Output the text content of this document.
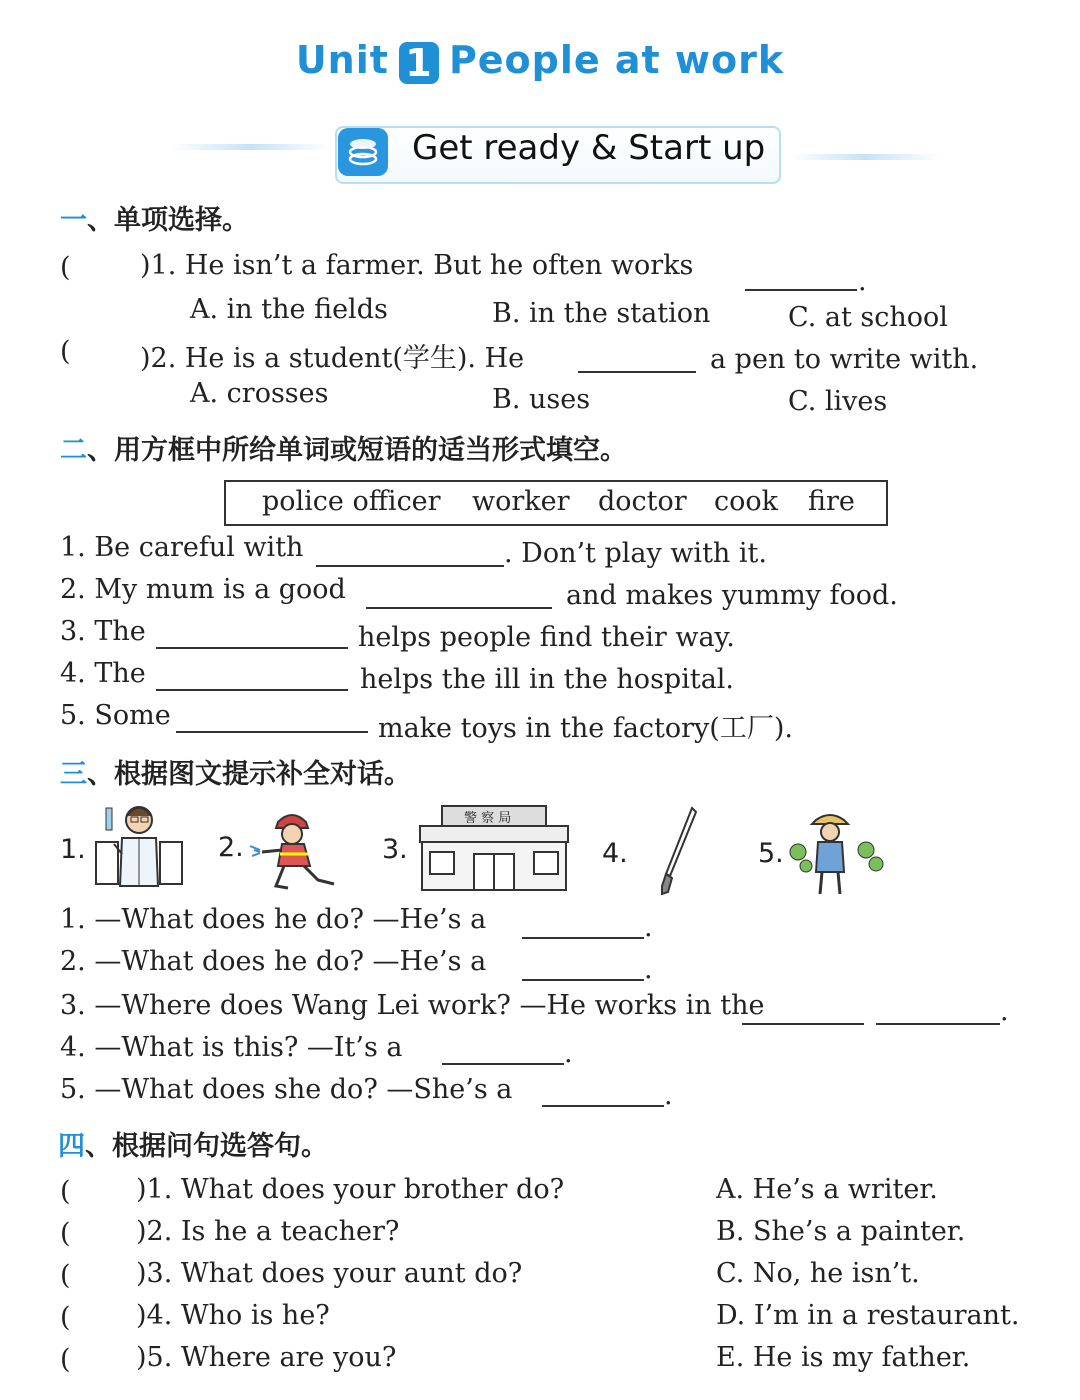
Unit 1 People at work
Get ready & Start up
一、单项选择。
(	)1. He isn’t a farmer. But he often works
.
A. in the fields	B. in the station	C. at school
(	)2. He is a student(学生). He	a pen to write with.
A. crosses	B. uses	C. lives
二、用方框中所给单词或短语的适当形式填空。
police officer worker doctor cook fire
1. Be careful with	. Don’t play with it.
2. My mum is a good	and makes yummy food.
3. The	helps people find their way.
4. The	helps the ill in the hospital.
5. Some	make toys in the factory(工厂).
三、根据图文提示补全对话。
1.	2.	3.
警 察 局
4.	5.
1. —What does he do? —He’s a	.
2. —What does he do? —He’s a	.
3. —Where does Wang Lei work? —He works in the	.
4. —What is this? —It’s a	.
5. —What does she do? —She’s a	.
四、根据问句选答句。
( )1. What does your brother do?	A. He’s a writer.
( )2. Is he a teacher?	B. She’s a painter.
( )3. What does your aunt do?	C. No, he isn’t.
( )4. Who is he?	D. I’m in a restaurant.
( )5. Where are you?	E. He is my father.
